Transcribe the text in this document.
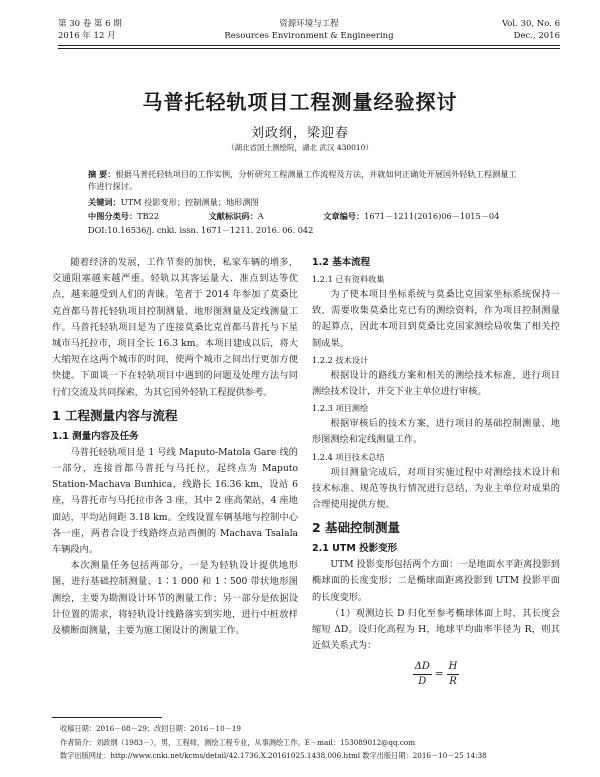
第 30 卷 第 6 期
2016 年 12 月
资源环境与工程
Resources Environment & Engineering
Vol. 30, No. 6
Dec., 2016
马普托轻轨项目工程测量经验探讨
刘政纲，梁迎春
（湖北省国土测绘院，湖北 武汉 430010）
摘 要：根据马普托轻轨项目的工作实例，分析研究工程测量工作流程及方法，并就如何正确处开展国外轻轨工程测量工作进行探讨。
关键词：UTM 投影变形；控制测量；地形测图
中图分类号：TB22	文献标识码：A	文章编号：1671－1211(2016)06－1015－04
DOI:10.16536/j. cnki. issn. 1671－1211. 2016. 06. 042

随着经济的发展，工作节奏的加快，私家车辆的增多，交通阻塞越来越严重。轻轨以其客运量大、准点到达等优点，越来越受到人们的青睐。笔者于 2014 年参加了莫桑比克首都马普托轻轨项目控制测量、地形图测量及定线测量工作。马普托轻轨项目是为了连接莫桑比克首都马普托与下星城市马托拉市，项目全长 16.3 km。本项目建成以后，将大大缩短在这两个城市的时间，使两个城市之间出行更加方便快捷。下面谈一下在轻轨项目中遇到的问题及处理方法与同行们交流及共同探索，为其它国外轻轨工程提供参考。

1 工程测量内容与流程
1.1 测量内容及任务

马普托轻轨项目是 1 号线 Maputo-Matola Gare 线的一部分，连接首都马普托与马托拉，起终点为 Maputo Station-Machava Bunhica，线路长 16.36 km，设站 6 座，马普托市与马托拉市各 3 座，其中 2 座高架站，4 座地面站，平均站间距 3.18 km。全线设置车辆基地与控制中心各一座，两者合设于线路终点站西侧的 Machava Tsalala 车辆段内。

本次测量任务包括两部分，一是为轻轨设计提供地形图，进行基础控制测量、1∶1 000 和 1∶500 带状地形图测绘，主要为勘测设计环节的测量工作；另一部分是依据设计位置的需求，将轻轨设计线路落实到实地，进行中桩放样及横断面测量，主要为施工图设计的测量工作。

1.2 基本流程
1.2.1 已有资料收集

为了使本项目坐标系统与莫桑比克国家坐标系统保持一致，需要收集莫桑比克已有的测绘资料，作为项目控制测量的起算点，因此本项目到莫桑比克国家测绘局收集了相关控制成果。

1.2.2 技术设计

根据设计的路线方案和相关的测绘技术标准，进行项目测绘技术设计，并交下业主单位进行审核。

1.2.3 项目测绘

根据审核后的技术方案，进行项目的基础控制测量、地形图测绘和定线测量工作。

1.2.4 项目技术总结

项目测量完成后，对项目实施过程中对测绘技术设计和技术标准、规范等执行情况进行总结，为业主单位对成果的合理使用提供方便。

2 基础控制测量
2.1 UTM 投影变形

UTM 投影变形包括两个方面：一是地面水平距离投影到椭球面的长度变形；二是椭球面距离投影到 UTM 投影平面的长度变形。

（1）观测边长 D 归化至参考椭球体面上时，其长度会缩短 ΔD。设归化高程为 H，地球平均曲率半径为 R，则其近似关系式为：

$\frac{\Delta D}{D} = \frac{H}{R}$
收稿日期：2016－08－29；改回日期：2016－10－19
作者简介：刘政纲（1983－），男，工程师，测绘工程专业，从事测绘工作。E－mail：153089012@qq.com
数字出版网址：http://www.cnki.net/kcms/detail/42.1736.X.20161025.1438.006.html 数字出版日期：2016－10－25 14:38
